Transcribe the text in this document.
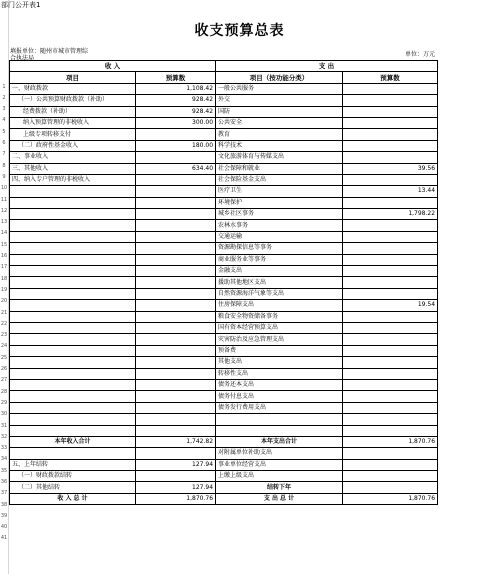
1
2
3
4
5
6
7
8
9
10
11
12
13
14
15
16
17
18
19
20
21
22
23
24
25
26
27
28
29
30
31
32
33
34
35
36
37
38
39
40
41
部门公开表1
收支预算总表
填报单位：随州市城市管理综
合执法局
单位：万元
收 入		支 出	
项目	预算数	项目（按功能分类）	预算数
一、财政拨款	1,108.42	一般公共服务	
（一）公共预算财政拨款（补助）	928.42	外交	
经费拨款（补助）	928.42	国防	
纳入预算管理的非税收入	300.00	公共安全	
上级专项转移支付		教育	
（二）政府性基金收入	180.00	科学技术	
二、事业收入		文化旅游体育与传媒支出	
三、其他收入	634.40	社会保障和就业	39.56
四、纳入专户管理的非税收入		社会保险基金支出	
		医疗卫生	13.44
		环境保护	
		城乡社区事务	1,798.22
		农林水事务	
		交通运输	
		资源勘探信息等事务	
		商业服务业等事务	
		金融支出	
		援助其他地区支出	
		自然资源海洋气象等支出	
		住房保障支出	19.54
		粮食安全物资储备事务	
		国有资本经营预算支出	
		灾害防治及应急管理支出	
		预备费	
		其他支出	
		转移性支出	
		债务还本支出	
		债务付息支出	
		债务发行费用支出	

本年收入合计	1,742.82	本年支出合计	1,870.76
		对附属单位补助支出	
五、上年结转	127.94	事业单位经营支出	
（一）财政拨款结转		上缴上级支出	
（二）其他结转	127.94	结转下年	
收 入 总 计	1,870.76	支 出 总 计	1,870.76
